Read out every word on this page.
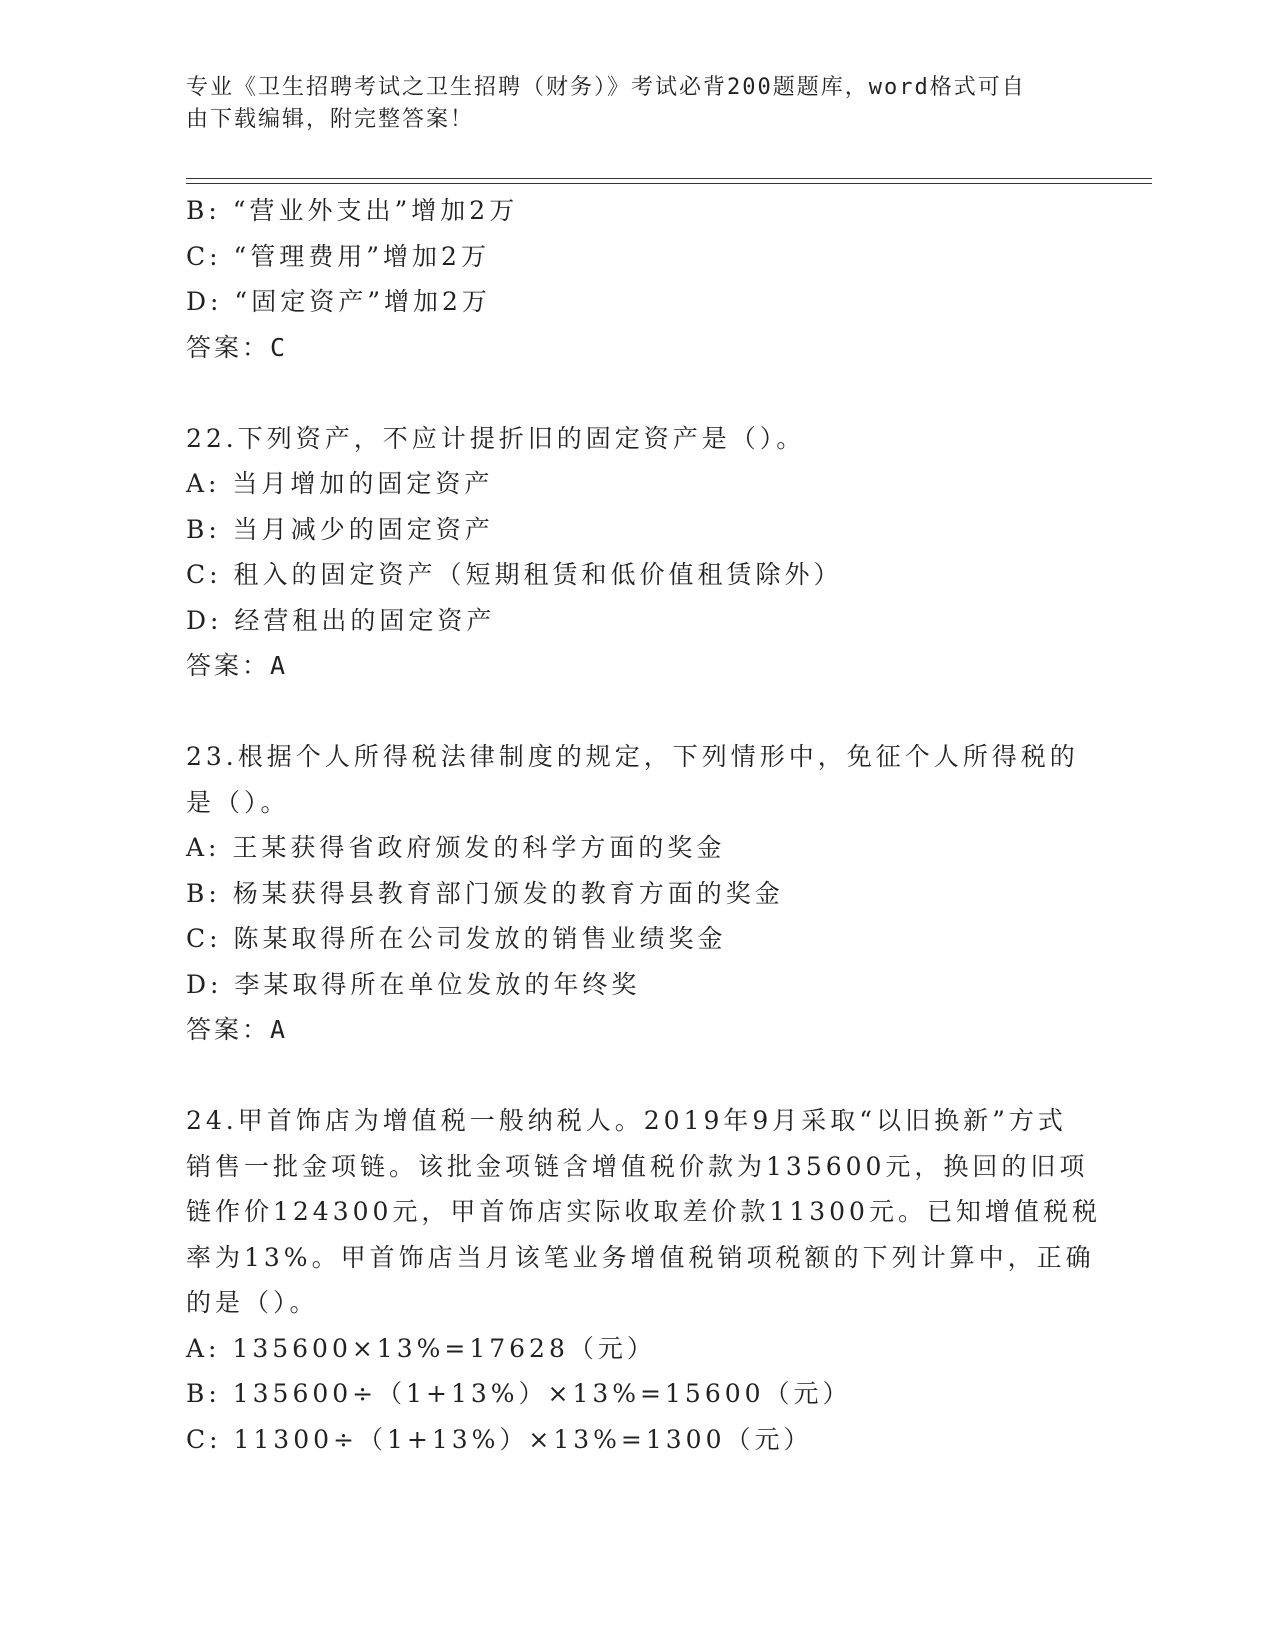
专业《卫生招聘考试之卫生招聘（财务）》考试必背200题题库，word格式可自
由下载编辑，附完整答案！
B: “营业外支出”增加2万
C: “管理费用”增加2万
D: “固定资产”增加2万
答案：C
22.下列资产，不应计提折旧的固定资产是（）。
A: 当月增加的固定资产
B: 当月减少的固定资产
C: 租入的固定资产（短期租赁和低价值租赁除外）
D: 经营租出的固定资产
答案：A
23.根据个人所得税法律制度的规定，下列情形中，免征个人所得税的
是（）。
A: 王某获得省政府颁发的科学方面的奖金
B: 杨某获得县教育部门颁发的教育方面的奖金
C: 陈某取得所在公司发放的销售业绩奖金
D: 李某取得所在单位发放的年终奖
答案：A
24.甲首饰店为增值税一般纳税人。2019年9月采取“以旧换新”方式
销售一批金项链。该批金项链含增值税价款为135600元，换回的旧项
链作价124300元，甲首饰店实际收取差价款11300元。已知增值税税
率为13%。甲首饰店当月该笔业务增值税销项税额的下列计算中，正确
的是（）。
A: 135600×13%=17628（元）
B: 135600÷（1+13%）×13%=15600（元）
C: 11300÷（1+13%）×13%=1300（元）
